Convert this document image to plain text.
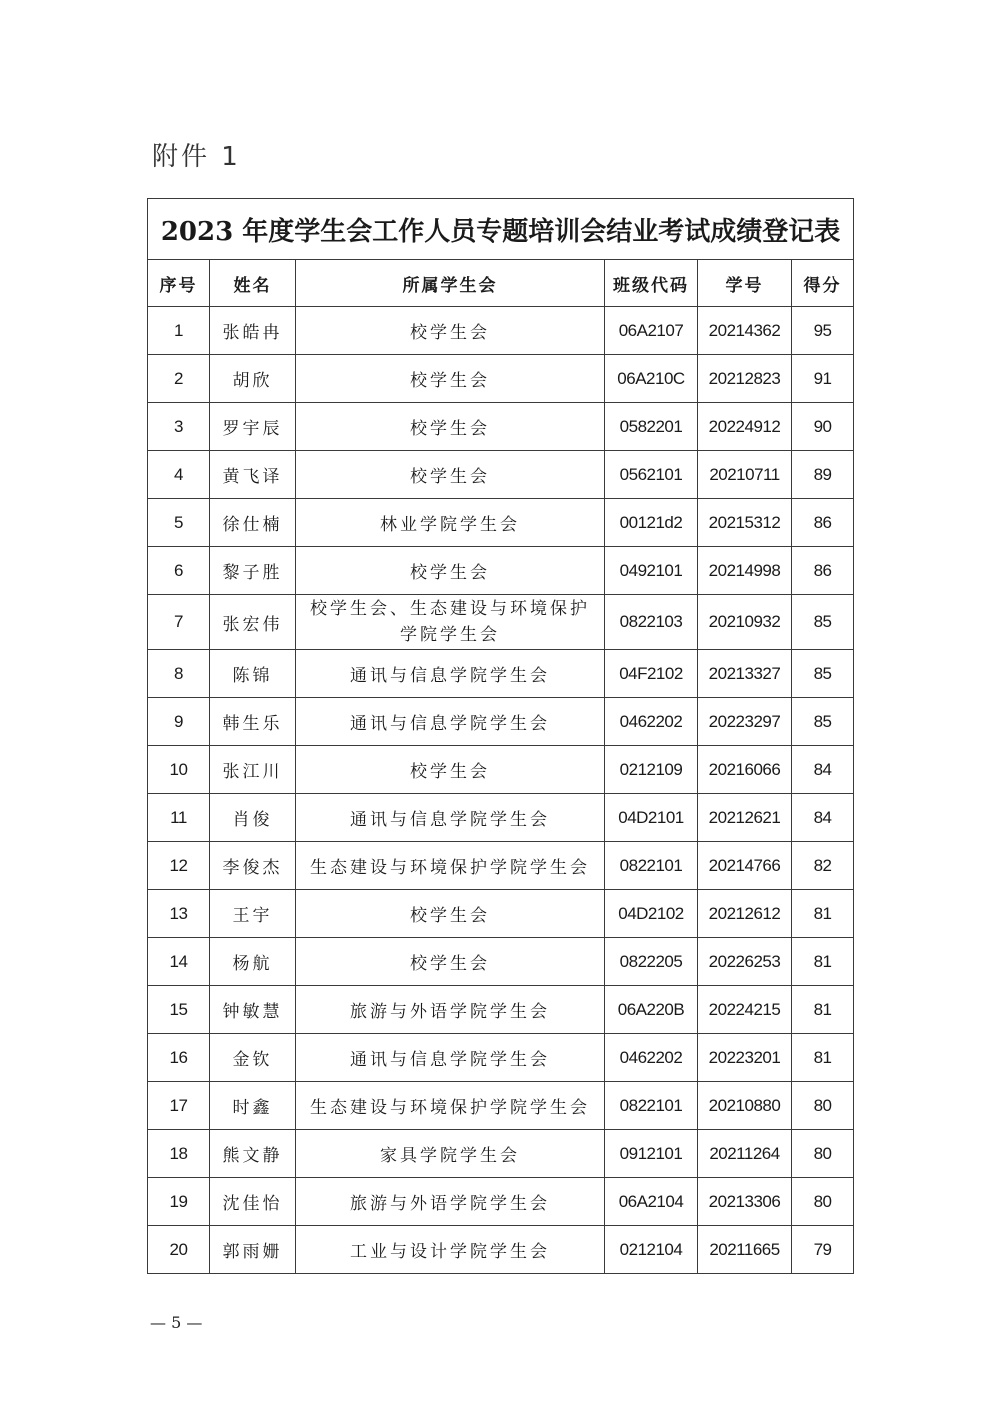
附件 1
2023 年度学生会工作人员专题培训会结业考试成绩登记表					
序号	姓名	所属学生会	班级代码	学号	得分
1	张皓冉	校学生会	06A2107	20214362	95
2	胡欣	校学生会	06A210C	20212823	91
3	罗宇辰	校学生会	0582201	20224912	90
4	黄飞译	校学生会	0562101	20210711	89
5	徐仕楠	林业学院学生会	00121d2	20215312	86
6	黎子胜	校学生会	0492101	20214998	86
7	张宏伟	校学生会、生态建设与环境保护学院学生会	0822103	20210932	85
8	陈锦	通讯与信息学院学生会	04F2102	20213327	85
9	韩生乐	通讯与信息学院学生会	0462202	20223297	85
10	张江川	校学生会	0212109	20216066	84
11	肖俊	通讯与信息学院学生会	04D2101	20212621	84
12	李俊杰	生态建设与环境保护学院学生会	0822101	20214766	82
13	王宇	校学生会	04D2102	20212612	81
14	杨航	校学生会	0822205	20226253	81
15	钟敏慧	旅游与外语学院学生会	06A220B	20224215	81
16	金钦	通讯与信息学院学生会	0462202	20223201	81
17	时鑫	生态建设与环境保护学院学生会	0822101	20210880	80
18	熊文静	家具学院学生会	0912101	20211264	80
19	沈佳怡	旅游与外语学院学生会	06A2104	20213306	80
20	郭雨姗	工业与设计学院学生会	0212104	20211665	79
— 5 —
